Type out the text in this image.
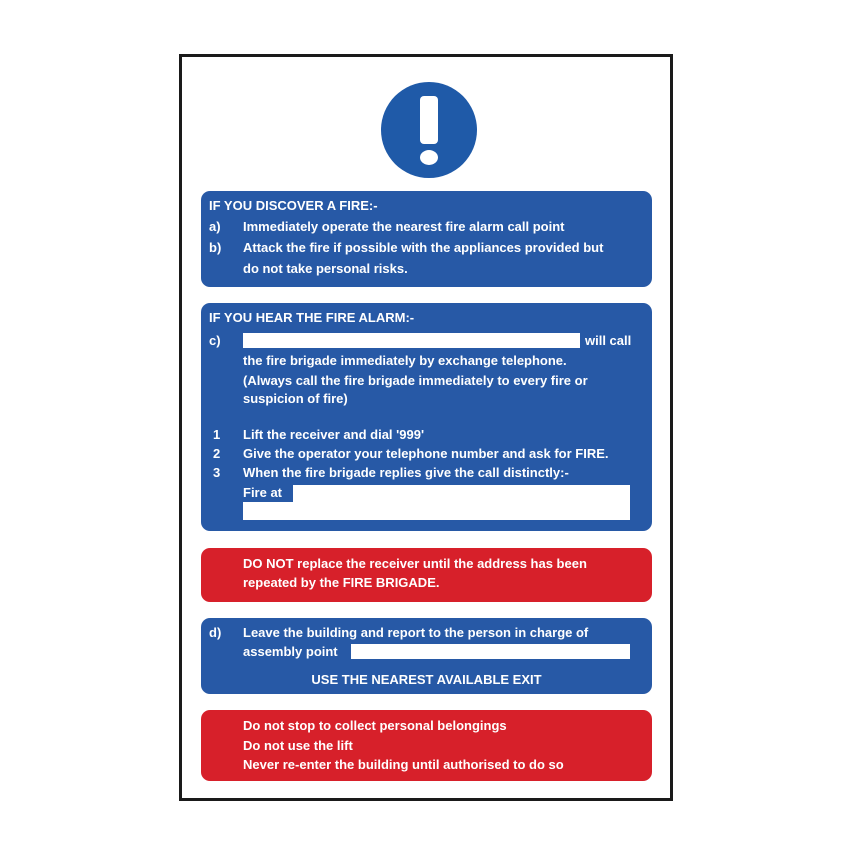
IF YOU DISCOVER A FIRE:-
a) Immediately operate the nearest fire alarm call point
b) Attack the fire if possible with the appliances provided but
do not take personal risks.
IF YOU HEAR THE FIRE ALARM:-
c)	will call
the fire brigade immediately by exchange telephone.
(Always call the fire brigade immediately to every fire or
suspicion of fire)
1 Lift the receiver and dial '999'
2 Give the operator your telephone number and ask for FIRE.
3 When the fire brigade replies give the call distinctly:-
Fire at
DO NOT replace the receiver until the address has been
repeated by the FIRE BRIGADE.
d) Leave the building and report to the person in charge of
assembly point
USE THE NEAREST AVAILABLE EXIT
Do not stop to collect personal belongings
Do not use the lift
Never re-enter the building until authorised to do so
